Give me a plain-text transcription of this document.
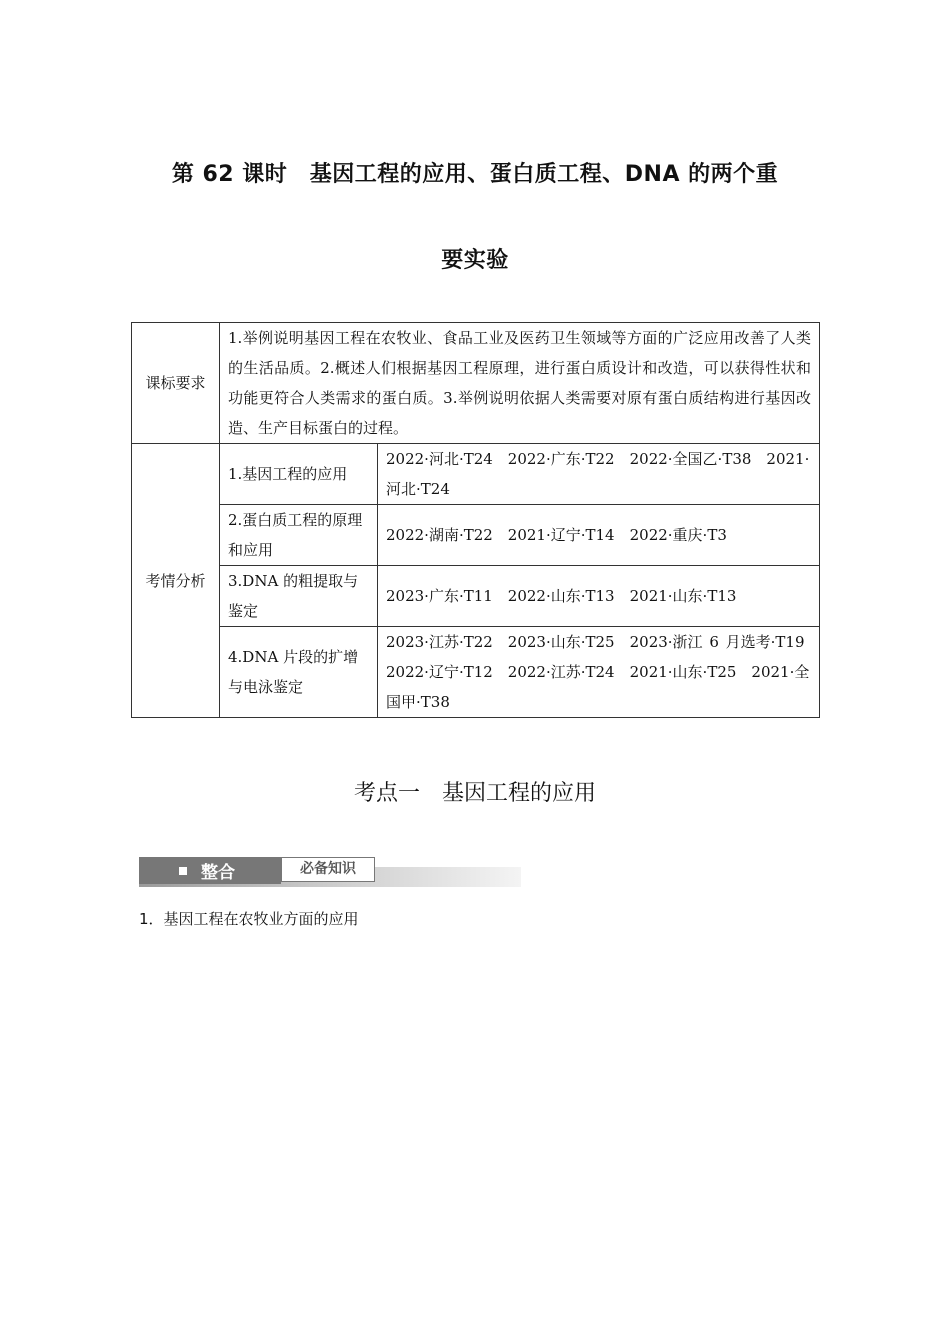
第 62 课时　基因工程的应用、蛋白质工程、DNA 的两个重
要实验
课标要求	1.举例说明基因工程在农牧业、食品工业及医药卫生领域等方面的广泛应用改善了人类的生活品质。2.概述人们根据基因工程原理，进行蛋白质设计和改造，可以获得性状和功能更符合人类需求的蛋白质。3.举例说明依据人类需要对原有蛋白质结构进行基因改造、生产目标蛋白的过程。	
考情分析	1.基因工程的应用	2022·河北·T24　2022·广东·T22　2022·全国乙·T38　2021·河北·T24
	2.蛋白质工程的原理和应用	2022·湖南·T22　2021·辽宁·T14　2022·重庆·T3
	3.DNA 的粗提取与鉴定	2023·广东·T11　2022·山东·T13　2021·山东·T13
	4.DNA 片段的扩增与电泳鉴定	2023·江苏·T22　2023·山东·T25　2023·浙江 6 月选考·T19　2022·辽宁·T12　2022·江苏·T24　2021·山东·T25　2021·全国甲·T38
考点一　基因工程的应用
整合	必备知识

1．基因工程在农牧业方面的应用
